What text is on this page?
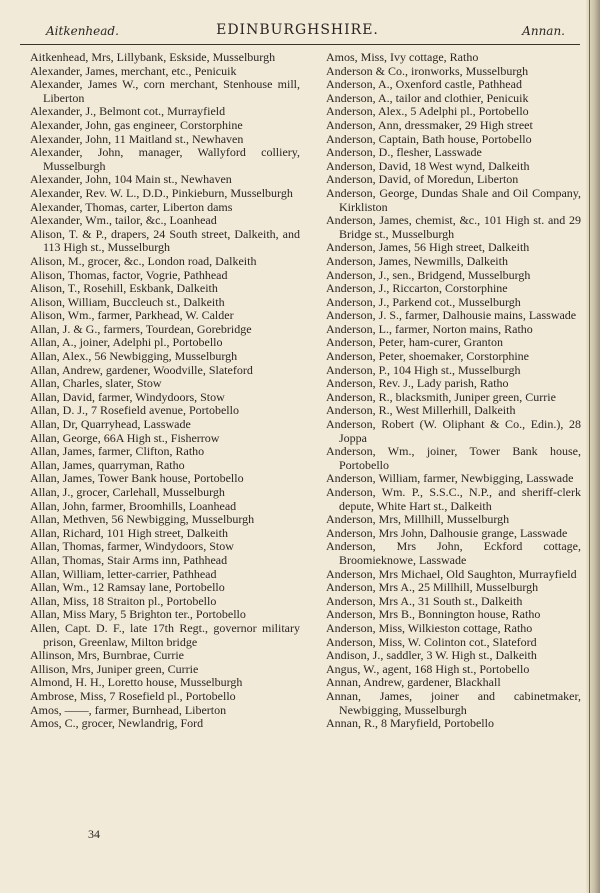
Aitkenhead.	EDINBURGHSHIRE.	Annan.

Aitkenhead, Mrs, Lillybank, Eskside, Musselburgh

Alexander, James, merchant, etc., Penicuik

Alexander, James W., corn merchant, Stenhouse mill, Liberton

Alexander, J., Belmont cot., Murrayfield

Alexander, John, gas engineer, Corstorphine

Alexander, John, 11 Maitland st., Newhaven

Alexander, John, manager, Wallyford colliery, Musselburgh

Alexander, John, 104 Main st., Newhaven

Alexander, Rev. W. L., D.D., Pinkieburn, Musselburgh

Alexander, Thomas, carter, Liberton dams

Alexander, Wm., tailor, &c., Loanhead

Alison, T. & P., drapers, 24 South street, Dalkeith, and 113 High st., Musselburgh

Alison, M., grocer, &c., London road, Dalkeith

Alison, Thomas, factor, Vogrie, Pathhead

Alison, T., Rosehill, Eskbank, Dalkeith

Alison, William, Buccleuch st., Dalkeith

Alison, Wm., farmer, Parkhead, W. Calder

Allan, J. & G., farmers, Tourdean, Gorebridge

Allan, A., joiner, Adelphi pl., Portobello

Allan, Alex., 56 Newbigging, Musselburgh

Allan, Andrew, gardener, Woodville, Slateford

Allan, Charles, slater, Stow

Allan, David, farmer, Windydoors, Stow

Allan, D. J., 7 Rosefield avenue, Portobello

Allan, Dr, Quarryhead, Lasswade

Allan, George, 66A High st., Fisherrow

Allan, James, farmer, Clifton, Ratho

Allan, James, quarryman, Ratho

Allan, James, Tower Bank house, Portobello

Allan, J., grocer, Carlehall, Musselburgh

Allan, John, farmer, Broomhills, Loanhead

Allan, Methven, 56 Newbigging, Musselburgh

Allan, Richard, 101 High street, Dalkeith

Allan, Thomas, farmer, Windydoors, Stow

Allan, Thomas, Stair Arms inn, Pathhead

Allan, William, letter-carrier, Pathhead

Allan, Wm., 12 Ramsay lane, Portobello

Allan, Miss, 18 Straiton pl., Portobello

Allan, Miss Mary, 5 Brighton ter., Portobello

Allen, Capt. D. F., late 17th Regt., governor military prison, Greenlaw, Milton bridge

Allinson, Mrs, Burnbrae, Currie

Allison, Mrs, Juniper green, Currie

Almond, H. H., Loretto house, Musselburgh

Ambrose, Miss, 7 Rosefield pl., Portobello

Amos, ——, farmer, Burnhead, Liberton

Amos, C., grocer, Newlandrig, Ford

Amos, Miss, Ivy cottage, Ratho

Anderson & Co., ironworks, Musselburgh

Anderson, A., Oxenford castle, Pathhead

Anderson, A., tailor and clothier, Penicuik

Anderson, Alex., 5 Adelphi pl., Portobello

Anderson, Ann, dressmaker, 29 High street

Anderson, Captain, Bath house, Portobello

Anderson, D., flesher, Lasswade

Anderson, David, 18 West wynd, Dalkeith

Anderson, David, of Moredun, Liberton

Anderson, George, Dundas Shale and Oil Company, Kirkliston

Anderson, James, chemist, &c., 101 High st. and 29 Bridge st., Musselburgh

Anderson, James, 56 High street, Dalkeith

Anderson, James, Newmills, Dalkeith

Anderson, J., sen., Bridgend, Musselburgh

Anderson, J., Riccarton, Corstorphine

Anderson, J., Parkend cot., Musselburgh

Anderson, J. S., farmer, Dalhousie mains, Lasswade

Anderson, L., farmer, Norton mains, Ratho

Anderson, Peter, ham-curer, Granton

Anderson, Peter, shoemaker, Corstorphine

Anderson, P., 104 High st., Musselburgh

Anderson, Rev. J., Lady parish, Ratho

Anderson, R., blacksmith, Juniper green, Currie

Anderson, R., West Millerhill, Dalkeith

Anderson, Robert (W. Oliphant & Co., Edin.), 28 Joppa

Anderson, Wm., joiner, Tower Bank house, Portobello

Anderson, William, farmer, Newbigging, Lasswade

Anderson, Wm. P., S.S.C., N.P., and sheriff-clerk depute, White Hart st., Dalkeith

Anderson, Mrs, Millhill, Musselburgh

Anderson, Mrs John, Dalhousie grange, Lasswade

Anderson, Mrs John, Eckford cottage, Broomieknowe, Lasswade

Anderson, Mrs Michael, Old Saughton, Murrayfield

Anderson, Mrs A., 25 Millhill, Musselburgh

Anderson, Mrs A., 31 South st., Dalkeith

Anderson, Mrs B., Bonnington house, Ratho

Anderson, Miss, Wilkieston cottage, Ratho

Anderson, Miss, W. Colinton cot., Slateford

Andison, J., saddler, 3 W. High st., Dalkeith

Angus, W., agent, 168 High st., Portobello

Annan, Andrew, gardener, Blackhall

Annan, James, joiner and cabinetmaker, Newbigging, Musselburgh

Annan, R., 8 Maryfield, Portobello

34
